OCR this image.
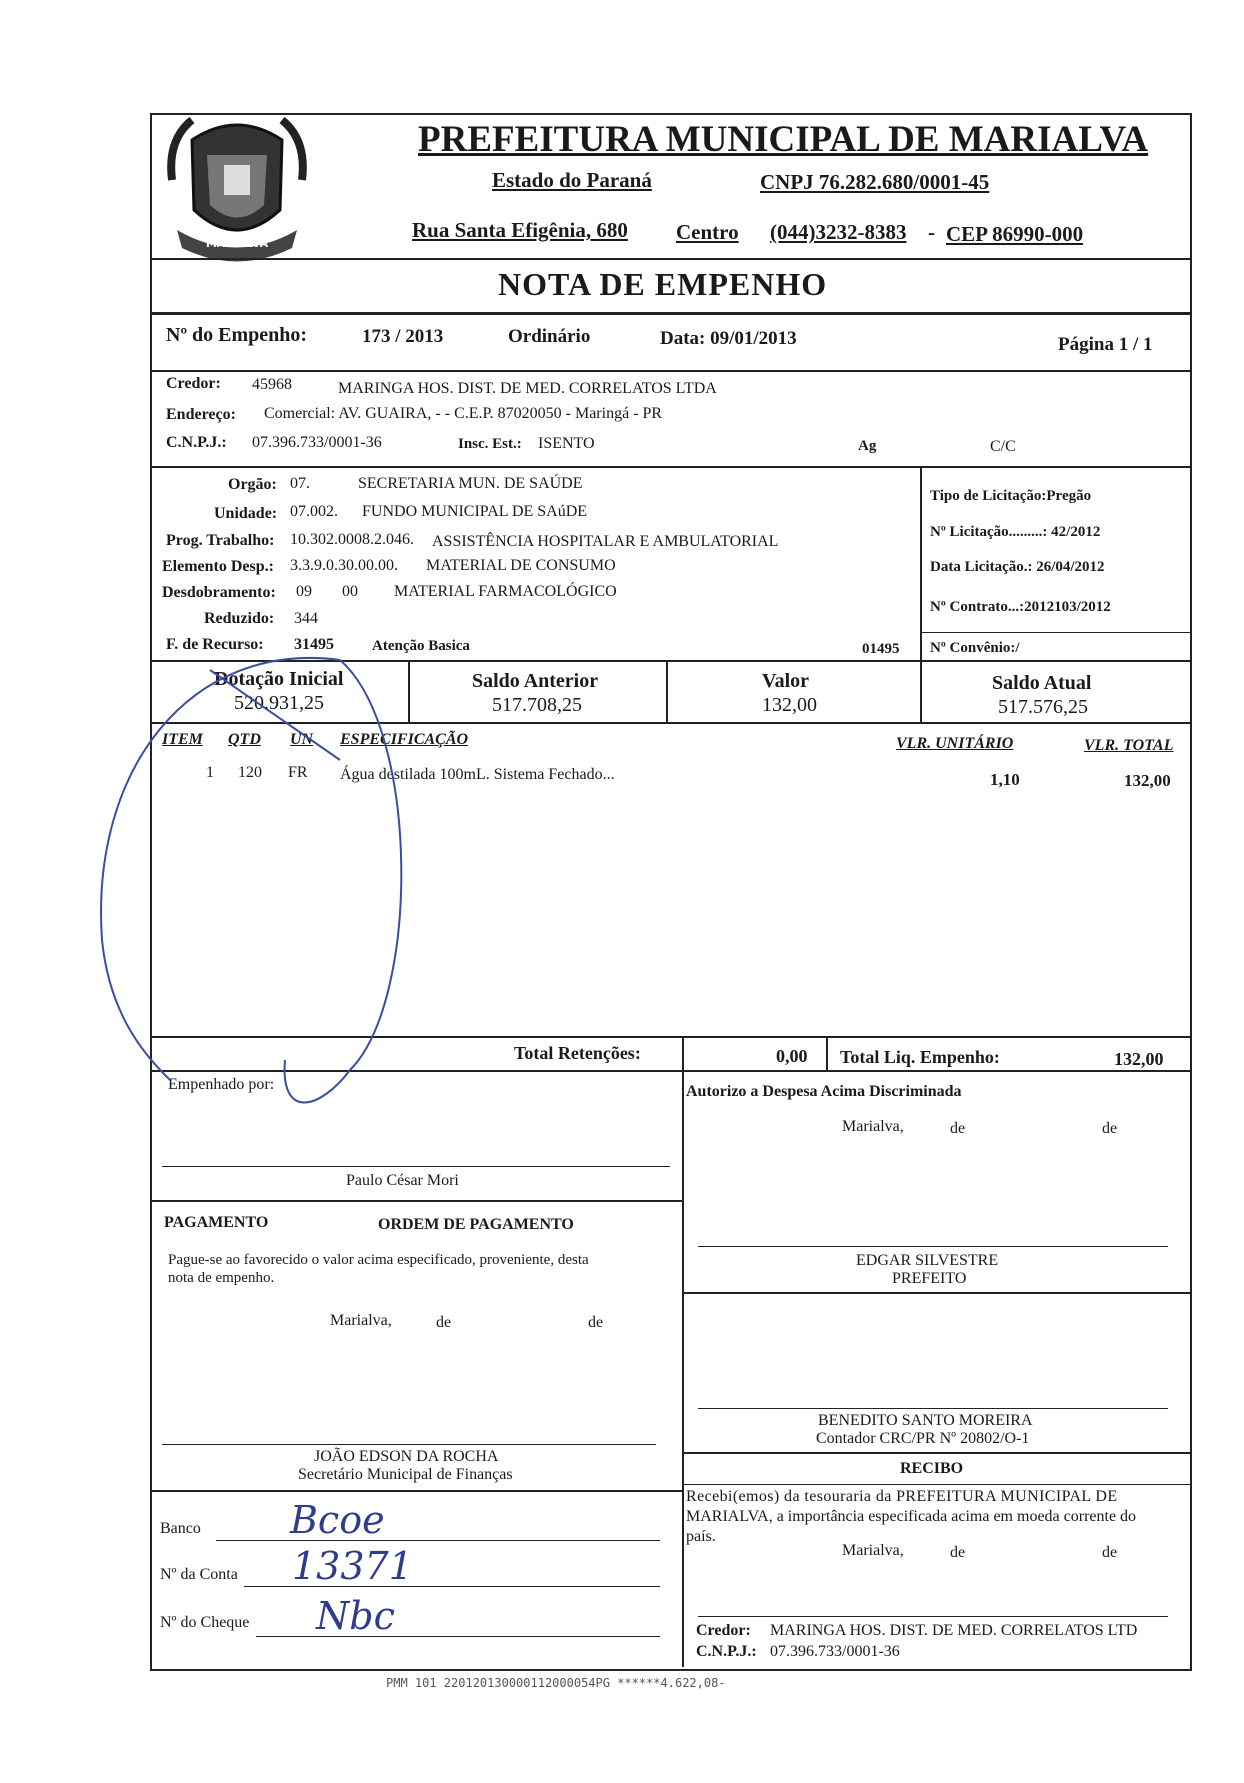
MARIALVA
PREFEITURA MUNICIPAL DE MARIALVA
Estado do Paraná	CNPJ 76.282.680/0001-45
Rua Santa Efigênia, 680 Centro (044)3232-8383 - CEP 86990-000
NOTA DE EMPENHO
Nº do Empenho:	173 / 2013	Ordinário	Data: 09/01/2013	Página 1 / 1
Credor: 45968	MARINGA HOS. DIST. DE MED. CORRELATOS LTDA
Endereço: Comercial: AV. GUAIRA, - - C.E.P. 87020050 - Maringá - PR
C.N.P.J.: 07.396.733/0001-36	Insc. Est.: ISENTO	Ag	C/C
Orgão: 07.	SECRETARIA MUN. DE SAÚDE
Unidade: 07.002. FUNDO MUNICIPAL DE SAúDE
Prog. Trabalho: 10.302.0008.2.046. ASSISTÊNCIA HOSPITALAR E AMBULATORIAL
Elemento Desp.: 3.3.9.0.30.00.00. MATERIAL DE CONSUMO
Desdobramento: 09 00 MATERIAL FARMACOLÓGICO
Reduzido: 344
F. de Recurso: 31495	Atenção Basica	01495
Tipo de Licitação:Pregão
Nº Licitação.........: 42/2012
Data Licitação.: 26/04/2012
Nº Contrato...:2012103/2012
Nº Convênio:/
Dotação Inicial
520.931,25
Saldo Anterior
517.708,25
Valor
132,00
Saldo Atual
517.576,25
ITEM QTD UN ESPECIFICAÇÃO	VLR. UNITÁRIO	VLR. TOTAL
1 120 FR Água destilada 100mL. Sistema Fechado...	1,10	132,00
Total Retenções:	0,00 Total Liq. Empenho:	132,00
Empenhado por:
Paulo César Mori
Autorizo a Despesa Acima Discriminada
Marialva,	de	de
EDGAR SILVESTRE
PREFEITO
BENEDITO SANTO MOREIRA
Contador CRC/PR Nº 20802/O-1
PAGAMENTO	ORDEM DE PAGAMENTO
Pague-se ao favorecido o valor acima especificado, proveniente, desta
nota de empenho.
Marialva,	de	de
JOÃO EDSON DA ROCHA
Secretário Municipal de Finanças
Banco Bcoe
Nº da Conta 13371
Nº do Cheque Nbc
RECIBO
Recebi(emos) da tesouraria da PREFEITURA MUNICIPAL DE
MARIALVA, a importância especificada acima em moeda corrente do
país.
Marialva,	de	de
Credor: MARINGA HOS. DIST. DE MED. CORRELATOS LTD
C.N.P.J.: 07.396.733/0001-36
PMM 101 22012013000011200005​4PG ******4.622,08-
